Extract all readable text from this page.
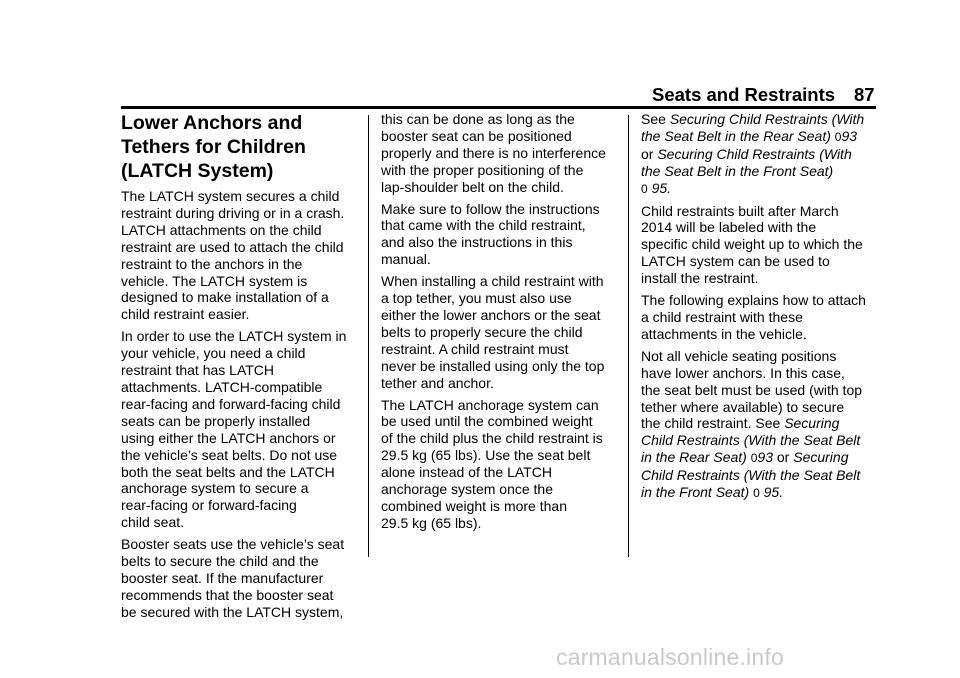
Seats and Restraints 87
Lower Anchors and
Tethers for Children
(LATCH System)

The LATCH system secures a child
restraint during driving or in a crash.
LATCH attachments on the child
restraint are used to attach the child
restraint to the anchors in the
vehicle. The LATCH system is
designed to make installation of a
child restraint easier.

In order to use the LATCH system in
your vehicle, you need a child
restraint that has LATCH
attachments. LATCH-compatible
rear-facing and forward-facing child
seats can be properly installed
using either the LATCH anchors or
the vehicle’s seat belts. Do not use
both the seat belts and the LATCH
anchorage system to secure a
rear-facing or forward-facing
child seat.

Booster seats use the vehicle’s seat
belts to secure the child and the
booster seat. If the manufacturer
recommends that the booster seat
be secured with the LATCH system,

this can be done as long as the
booster seat can be positioned
properly and there is no interference
with the proper positioning of the
lap-shoulder belt on the child.

Make sure to follow the instructions
that came with the child restraint,
and also the instructions in this
manual.

When installing a child restraint with
a top tether, you must also use
either the lower anchors or the seat
belts to properly secure the child
restraint. A child restraint must
never be installed using only the top
tether and anchor.

The LATCH anchorage system can
be used until the combined weight
of the child plus the child restraint is
29.5 kg (65 lbs). Use the seat belt
alone instead of the LATCH
anchorage system once the
combined weight is more than
29.5 kg (65 lbs).

See Securing Child Restraints (With
the Seat Belt in the Rear Seat) 093
or Securing Child Restraints (With
the Seat Belt in the Front Seat)
0 95.

Child restraints built after March
2014 will be labeled with the
specific child weight up to which the
LATCH system can be used to
install the restraint.

The following explains how to attach
a child restraint with these
attachments in the vehicle.

Not all vehicle seating positions
have lower anchors. In this case,
the seat belt must be used (with top
tether where available) to secure
the child restraint. See Securing
Child Restraints (With the Seat Belt
in the Rear Seat) 093 or Securing
Child Restraints (With the Seat Belt
in the Front Seat) 0 95.

carmanualsonline.info
